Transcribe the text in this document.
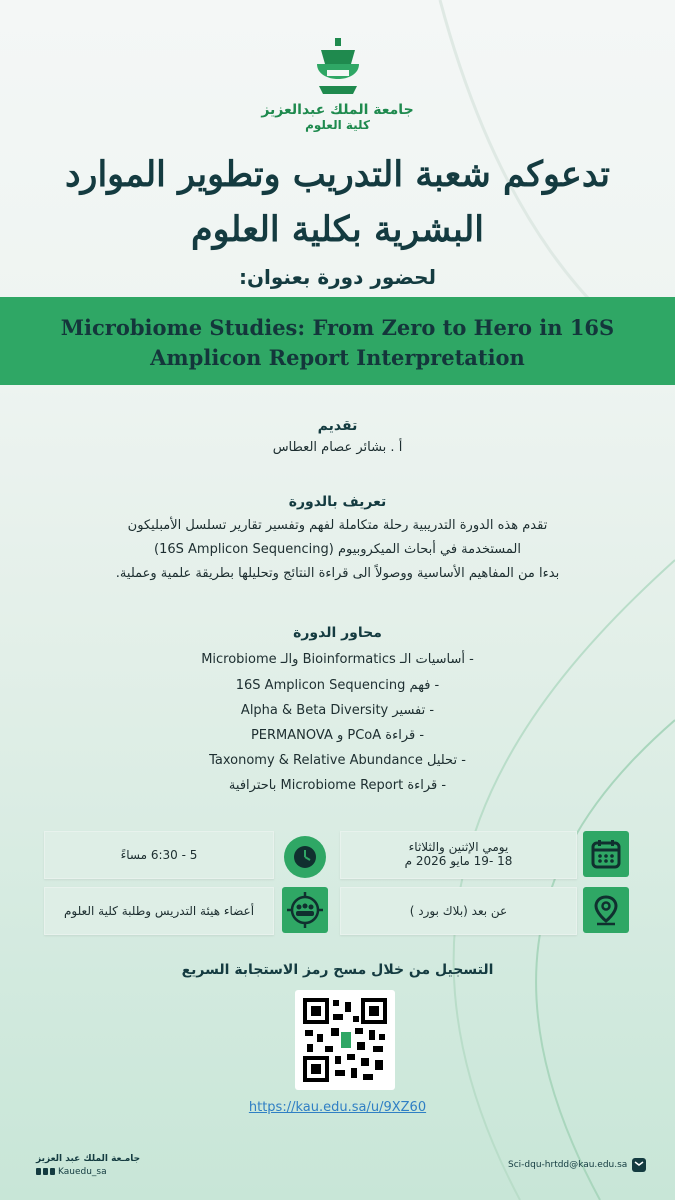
جامعة الملك عبدالعزيز
كلية العلوم
تدعوكم شعبة التدريب وتطوير الموارد
البشرية بكلية العلوم
لحضور دورة بعنوان:
Microbiome Studies: From Zero to Hero in 16S
Amplicon Report Interpretation
تقديم
أ . بشائر عصام العطاس
تعريف بالدورة
تقدم هذه الدورة التدريبية رحلة متكاملة لفهم وتفسير تقارير تسلسل الأمبليكون
(16S Amplicon Sequencing) المستخدمة في أبحاث الميكروبيوم
بدءا من المفاهيم الأساسية ووصولاً الى قراءة النتائج وتحليلها بطريقة علمية وعملية.
محاور الدورة
- أساسيات الـ Bioinformatics والـ Microbiome
- فهم 16S Amplicon Sequencing
- تفسير Alpha & Beta Diversity
- قراءة PCoA و PERMANOVA
- تحليل Taxonomy & Relative Abundance
- قراءة Microbiome Report باحترافية
يومي الإثنين والثلاثاء
18 -19 مايو 2026 م
5 - 6:30 مساءً
عن بعد (بلاك بورد )
أعضاء هيئة التدريس وطلبة كلية العلوم
التسجيل من خلال مسح رمز الاستجابة السريع
https://kau.edu.sa/u/9XZ60
جامـعة الملك عبد العزيز
Kauedu_sa
Sci-dqu-hrtdd@kau.edu.sa
